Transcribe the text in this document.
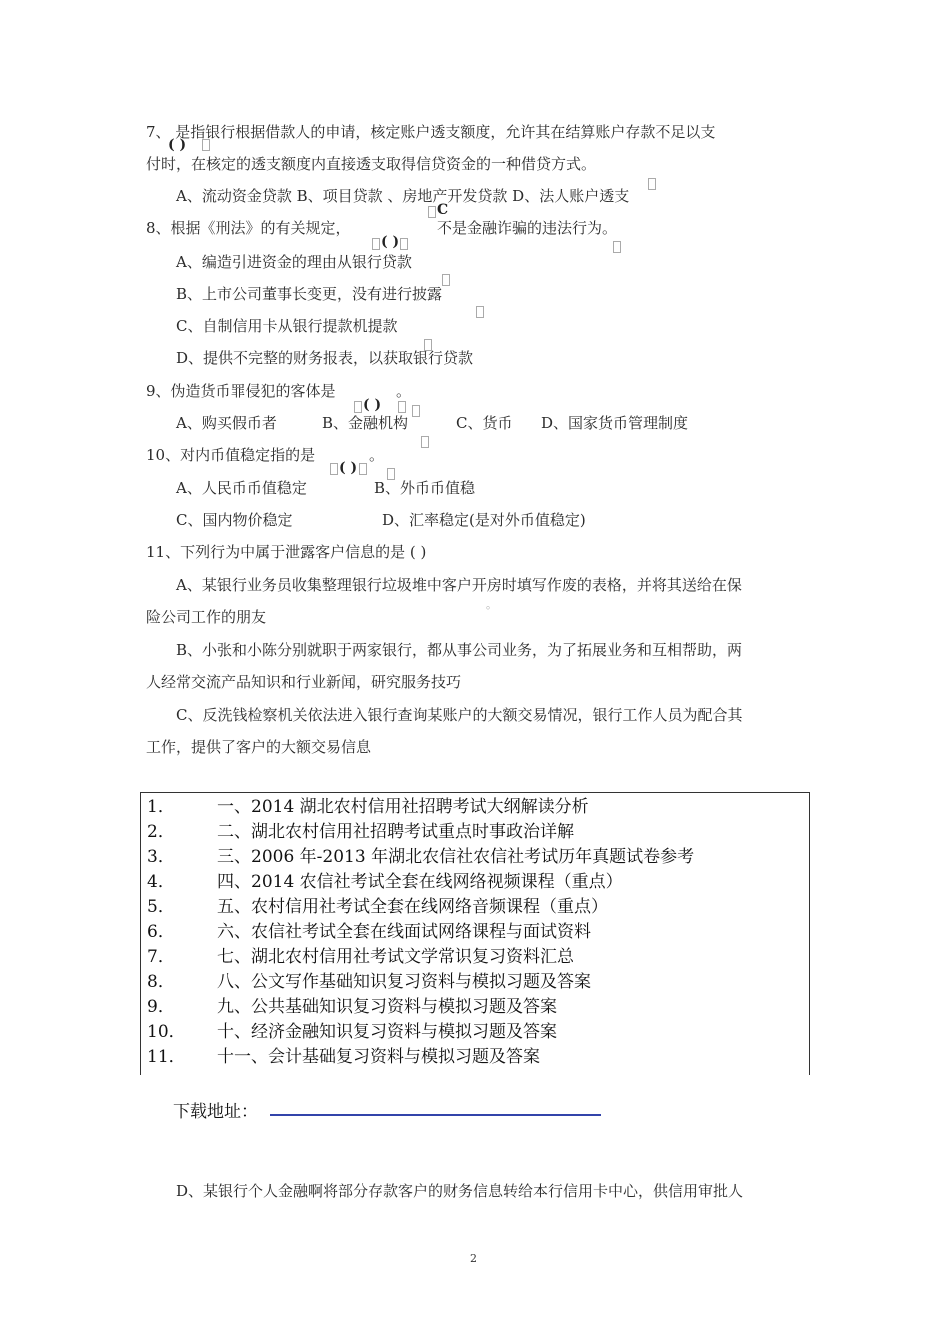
7、 是指银行根据借款人的申请，核定账户透支额度，允许其在结算账户存款不足以支
( )
付时，在核定的透支额度内直接透支取得信贷资金的一种借贷方式。
A、流动资金贷款 B、项目贷款 、房地产开发贷款 D、法人账户透支
8、根据《刑法》的有关规定，
C
不是金融诈骗的违法行为。
( )
A、编造引进资金的理由从银行贷款
B、上市公司董事长变更，没有进行披露
C、自制信用卡从银行提款机提款
D、提供不完整的财务报表，以获取银行贷款
9、伪造货币罪侵犯的客体是	。
( )
A、购买假币者	B、金融机构	C、货币 D、国家货币管理制度
10、对内币值稳定指的是
( )
。
A、人民币币值稳定	B、外币币值稳
C、国内物价稳定	D、汇率稳定(是对外币值稳定)
11、下列行为中属于泄露客户信息的是 ( )
A、某银行业务员收集整理银行垃圾堆中客户开房时填写作废的表格，并将其送给在保
。
险公司工作的朋友
B、小张和小陈分别就职于两家银行，都从事公司业务，为了拓展业务和互相帮助，两
人经常交流产品知识和行业新闻，研究服务技巧
C、反洗钱检察机关依法进入银行查询某账户的大额交易情况，银行工作人员为配合其
工作，提供了客户的大额交易信息
1． 一、2014 湖北农村信用社招聘考试大纲解读分析
2． 二、湖北农村信用社招聘考试重点时事政治详解
3． 三、2006 年-2013 年湖北农信社农信社考试历年真题试卷参考
4． 四、2014 农信社考试全套在线网络视频课程（重点）
5． 五、农村信用社考试全套在线网络音频课程（重点）
6． 六、农信社考试全套在线面试网络课程与面试资料
7． 七、湖北农村信用社考试文学常识复习资料汇总
8． 八、公文写作基础知识复习资料与模拟习题及答案
9． 九、公共基础知识复习资料与模拟习题及答案
10． 十、经济金融知识复习资料与模拟习题及答案
11． 十一、会计基础复习资料与模拟习题及答案
下载地址：
D、某银行个人金融啊将部分存款客户的财务信息转给本行信用卡中心，供信用审批人
2
